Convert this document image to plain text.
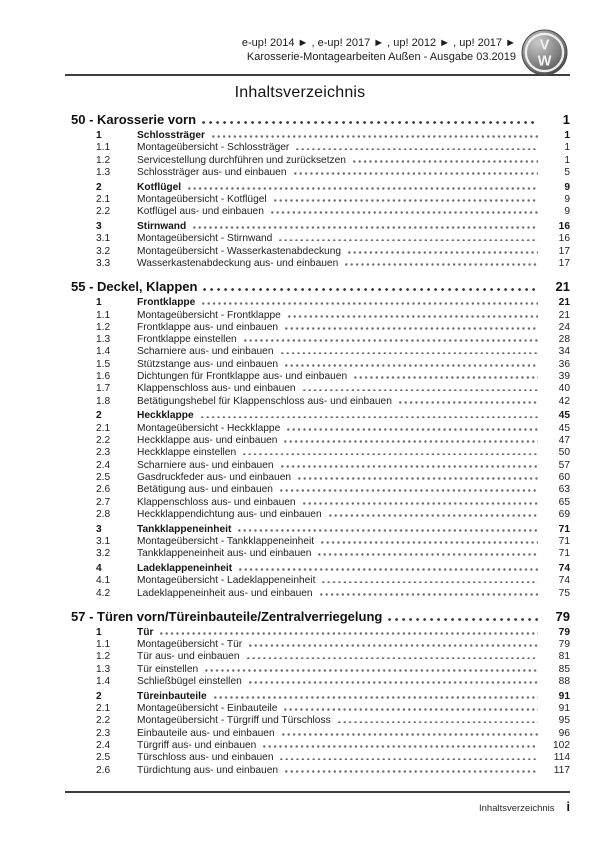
e-up! 2014 ► , e-up! 2017 ► , up! 2012 ► , up! 2017 ►
Karosserie-Montagearbeiten Außen - Ausgabe 03.2019
V
W
Inhaltsverzeichnis
50 - Karosserie vorn	1
1	Schlossträger	1
1.1	Montageübersicht - Schlossträger	1
1.2	Servicestellung durchführen und zurücksetzen	1
1.3	Schlossträger aus- und einbauen	5
2	Kotflügel	9
2.1	Montageübersicht - Kotflügel	9
2.2	Kotflügel aus- und einbauen	9
3	Stirnwand	16
3.1	Montageübersicht - Stirnwand	16
3.2	Montageübersicht - Wasserkastenabdeckung	17
3.3	Wasserkastenabdeckung aus- und einbauen	17
55 - Deckel, Klappen	21
1	Frontklappe	21
1.1	Montageübersicht - Frontklappe	21
1.2	Frontklappe aus- und einbauen	24
1.3	Frontklappe einstellen	28
1.4	Scharniere aus- und einbauen	34
1.5	Stützstange aus- und einbauen	36
1.6	Dichtungen für Frontklappe aus- und einbauen	39
1.7	Klappenschloss aus- und einbauen	40
1.8	Betätigungshebel für Klappenschloss aus- und einbauen	42
2	Heckklappe	45
2.1	Montageübersicht - Heckklappe	45
2.2	Heckklappe aus- und einbauen	47
2.3	Heckklappe einstellen	50
2.4	Scharniere aus- und einbauen	57
2.5	Gasdruckfeder aus- und einbauen	60
2.6	Betätigung aus- und einbauen	63
2.7	Klappenschloss aus- und einbauen	65
2.8	Heckklappendichtung aus- und einbauen	69
3	Tankklappeneinheit	71
3.1	Montageübersicht - Tankklappeneinheit	71
3.2	Tankklappeneinheit aus- und einbauen	71
4	Ladeklappeneinheit	74
4.1	Montageübersicht - Ladeklappeneinheit	74
4.2	Ladeklappeneinheit aus- und einbauen	75
57 - Türen vorn/Türeinbauteile/Zentralverriegelung	79
1	Tür	79
1.1	Montageübersicht - Tür	79
1.2	Tür aus- und einbauen	81
1.3	Tür einstellen	85
1.4	Schließbügel einstellen	88
2	Türeinbauteile	91
2.1	Montageübersicht - Einbauteile	91
2.2	Montageübersicht - Türgriff und Türschloss	95
2.3	Einbauteile aus- und einbauen	96
2.4	Türgriff aus- und einbauen	102
2.5	Türschloss aus- und einbauen	114
2.6	Türdichtung aus- und einbauen	117
Inhaltsverzeichnis i
